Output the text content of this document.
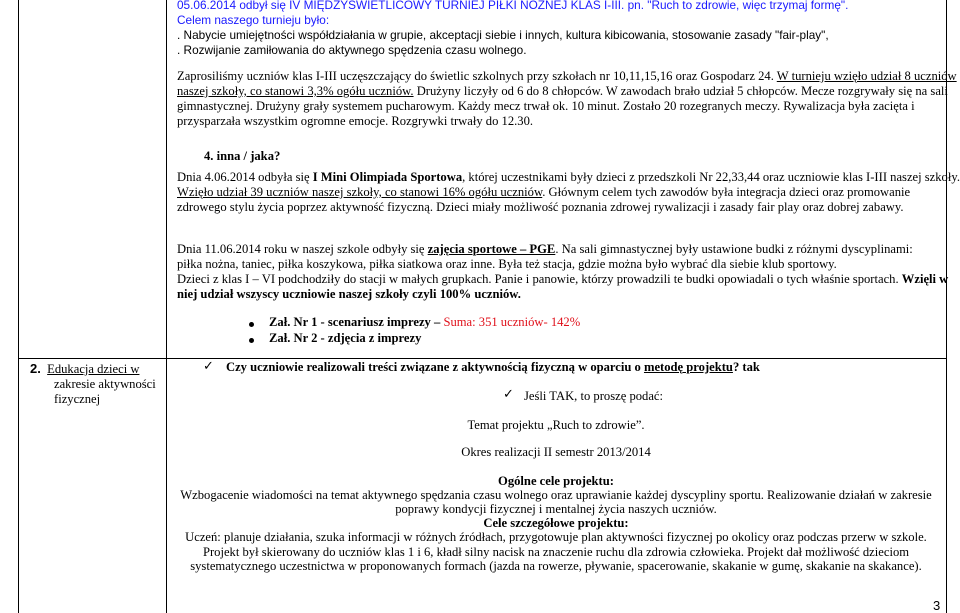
05.06.2014 odbył się IV MIĘDZYŚWIETLICOWY TURNIEJ PIŁKI NOŻNEJ KLAS I-III. pn. "Ruch to zdrowie, więc trzymaj formę".
Celem naszego turnieju było:
. Nabycie umiejętności współdziałania w grupie, akceptacji siebie i innych, kultura kibicowania, stosowanie zasady "fair-play",
. Rozwijanie zamiłowania do aktywnego spędzenia czasu wolnego.
Zaprosiliśmy uczniów klas I-III uczęszczający do świetlic szkolnych przy szkołach nr 10,11,15,16 oraz Gospodarz 24. W turnieju wzięło udział 8 uczniów
naszej szkoły, co stanowi 3,3% ogółu uczniów. Drużyny liczyły od 6 do 8 chłopców. W zawodach brało udział 5 chłopców. Mecze rozgrywały się na sali
gimnastycznej. Drużyny grały systemem pucharowym. Każdy mecz trwał ok. 10 minut. Zostało 20 rozegranych meczy. Rywalizacja była zacięta i
przysparzała wszystkim ogromne emocje. Rozgrywki trwały do 12.30.
4. inna / jaka?
Dnia 4.06.2014 odbyła się I Mini Olimpiada Sportowa, której uczestnikami były dzieci z przedszkoli Nr 22,33,44 oraz uczniowie klas I-III naszej szkoły.
Wzięło udział 39 uczniów naszej szkoły, co stanowi 16% ogółu uczniów. Głównym celem tych zawodów była integracja dzieci oraz promowanie
zdrowego stylu życia poprzez aktywność fizyczną. Dzieci miały możliwość poznania zdrowej rywalizacji i zasady fair play oraz dobrej zabawy.
Dnia 11.06.2014 roku w naszej szkole odbyły się zajęcia sportowe – PGE. Na sali gimnastycznej były ustawione budki z różnymi dyscyplinami:
piłka nożna, taniec, piłka koszykowa, piłka siatkowa oraz inne. Była też stacja, gdzie można było wybrać dla siebie klub sportowy.
Dzieci z klas I – VI podchodziły do stacji w małych grupkach. Panie i panowie, którzy prowadzili te budki opowiadali o tych właśnie sportach. Wzięli w
niej udział wszyscy uczniowie naszej szkoły czyli 100% uczniów.
Zał. Nr 1 - scenariusz imprezy – Suma: 351 uczniów- 142%
Zał. Nr 2 - zdjęcia z imprezy
2. Edukacja dzieci w
zakresie aktywności
fizycznej
✓ Czy uczniowie realizowali treści związane z aktywnością fizyczną w oparciu o metodę projektu? tak
✓ Jeśli TAK, to proszę podać:
Temat projektu „Ruch to zdrowie”.
Okres realizacji II semestr 2013/2014
Ogólne cele projektu:
Wzbogacenie wiadomości na temat aktywnego spędzania czasu wolnego oraz uprawianie każdej dyscypliny sportu. Realizowanie działań w zakresie
poprawy kondycji fizycznej i mentalnej życia naszych uczniów.
Cele szczegółowe projektu:
Uczeń: planuje działania, szuka informacji w różnych źródłach, przygotowuje plan aktywności fizycznej po okolicy oraz podczas przerw w szkole.
Projekt był skierowany do uczniów klas 1 i 6, kładł silny nacisk na znaczenie ruchu dla zdrowia człowieka. Projekt dał możliwość dzieciom
systematycznego uczestnictwa w proponowanych formach (jazda na rowerze, pływanie, spacerowanie, skakanie w gumę, skakanie na skakance).
3
